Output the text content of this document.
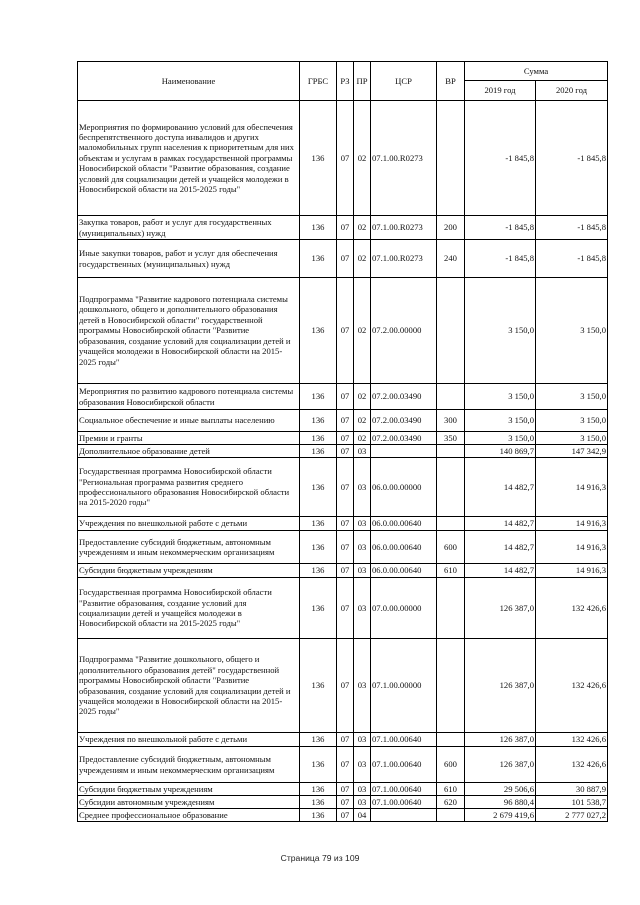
Наименование	ГРБС	РЗ	ПР	ЦСР	ВР	Сумма	
						2019 год	2020 год
Мероприятия по формированию условий для обеспечения беспрепятственного доступа инвалидов и других маломобильных групп населения к приоритетным для них объектам и услугам в рамках государственной программы Новосибирской области "Развитие образования, создание условий для социализации детей и учащейся молодежи в Новосибирской области на 2015-2025 годы"	136	07	02	07.1.00.R0273		-1 845,8	-1 845,8
Закупка товаров, работ и услуг для государственных (муниципальных) нужд	136	07	02	07.1.00.R0273	200	-1 845,8	-1 845,8
Иные закупки товаров, работ и услуг для обеспечения государственных (муниципальных) нужд	136	07	02	07.1.00.R0273	240	-1 845,8	-1 845,8
Подпрограмма "Развитие кадрового потенциала системы дошкольного, общего и дополнительного образования детей в Новосибирской области" государственной программы Новосибирской области "Развитие образования, создание условий для социализации детей и учащейся молодежи в Новосибирской области на 2015-2025 годы"	136	07	02	07.2.00.00000		3 150,0	3 150,0
Мероприятия по развитию кадрового потенциала системы образования Новосибирской области	136	07	02	07.2.00.03490		3 150,0	3 150,0
Социальное обеспечение и иные выплаты населению	136	07	02	07.2.00.03490	300	3 150,0	3 150,0
Премии и гранты	136	07	02	07.2.00.03490	350	3 150,0	3 150,0
Дополнительное образование детей	136	07	03			140 869,7	147 342,9
Государственная программа Новосибирской области "Региональная программа развития среднего профессионального образования Новосибирской области на 2015-2020 годы"	136	07	03	06.0.00.00000		14 482,7	14 916,3
Учреждения по внешкольной работе с детьми	136	07	03	06.0.00.00640		14 482,7	14 916,3
Предоставление субсидий бюджетным, автономным учреждениям и иным некоммерческим организациям	136	07	03	06.0.00.00640	600	14 482,7	14 916,3
Субсидии бюджетным учреждениям	136	07	03	06.0.00.00640	610	14 482,7	14 916,3
Государственная программа Новосибирской области "Развитие образования, создание условий для социализации детей и учащейся молодежи в Новосибирской области на 2015-2025 годы"	136	07	03	07.0.00.00000		126 387,0	132 426,6
Подпрограмма "Развитие дошкольного, общего и дополнительного образования детей" государственной программы Новосибирской области "Развитие образования, создание условий для социализации детей и учащейся молодежи в Новосибирской области на 2015-2025 годы"	136	07	03	07.1.00.00000		126 387,0	132 426,6
Учреждения по внешкольной работе с детьми	136	07	03	07.1.00.00640		126 387,0	132 426,6
Предоставление субсидий бюджетным, автономным учреждениям и иным некоммерческим организациям	136	07	03	07.1.00.00640	600	126 387,0	132 426,6
Субсидии бюджетным учреждениям	136	07	03	07.1.00.00640	610	29 506,6	30 887,9
Субсидии автономным учреждениям	136	07	03	07.1.00.00640	620	96 880,4	101 538,7
Среднее профессиональное образование	136	07	04			2 679 419,6	2 777 027,2
Страница 79 из 109
